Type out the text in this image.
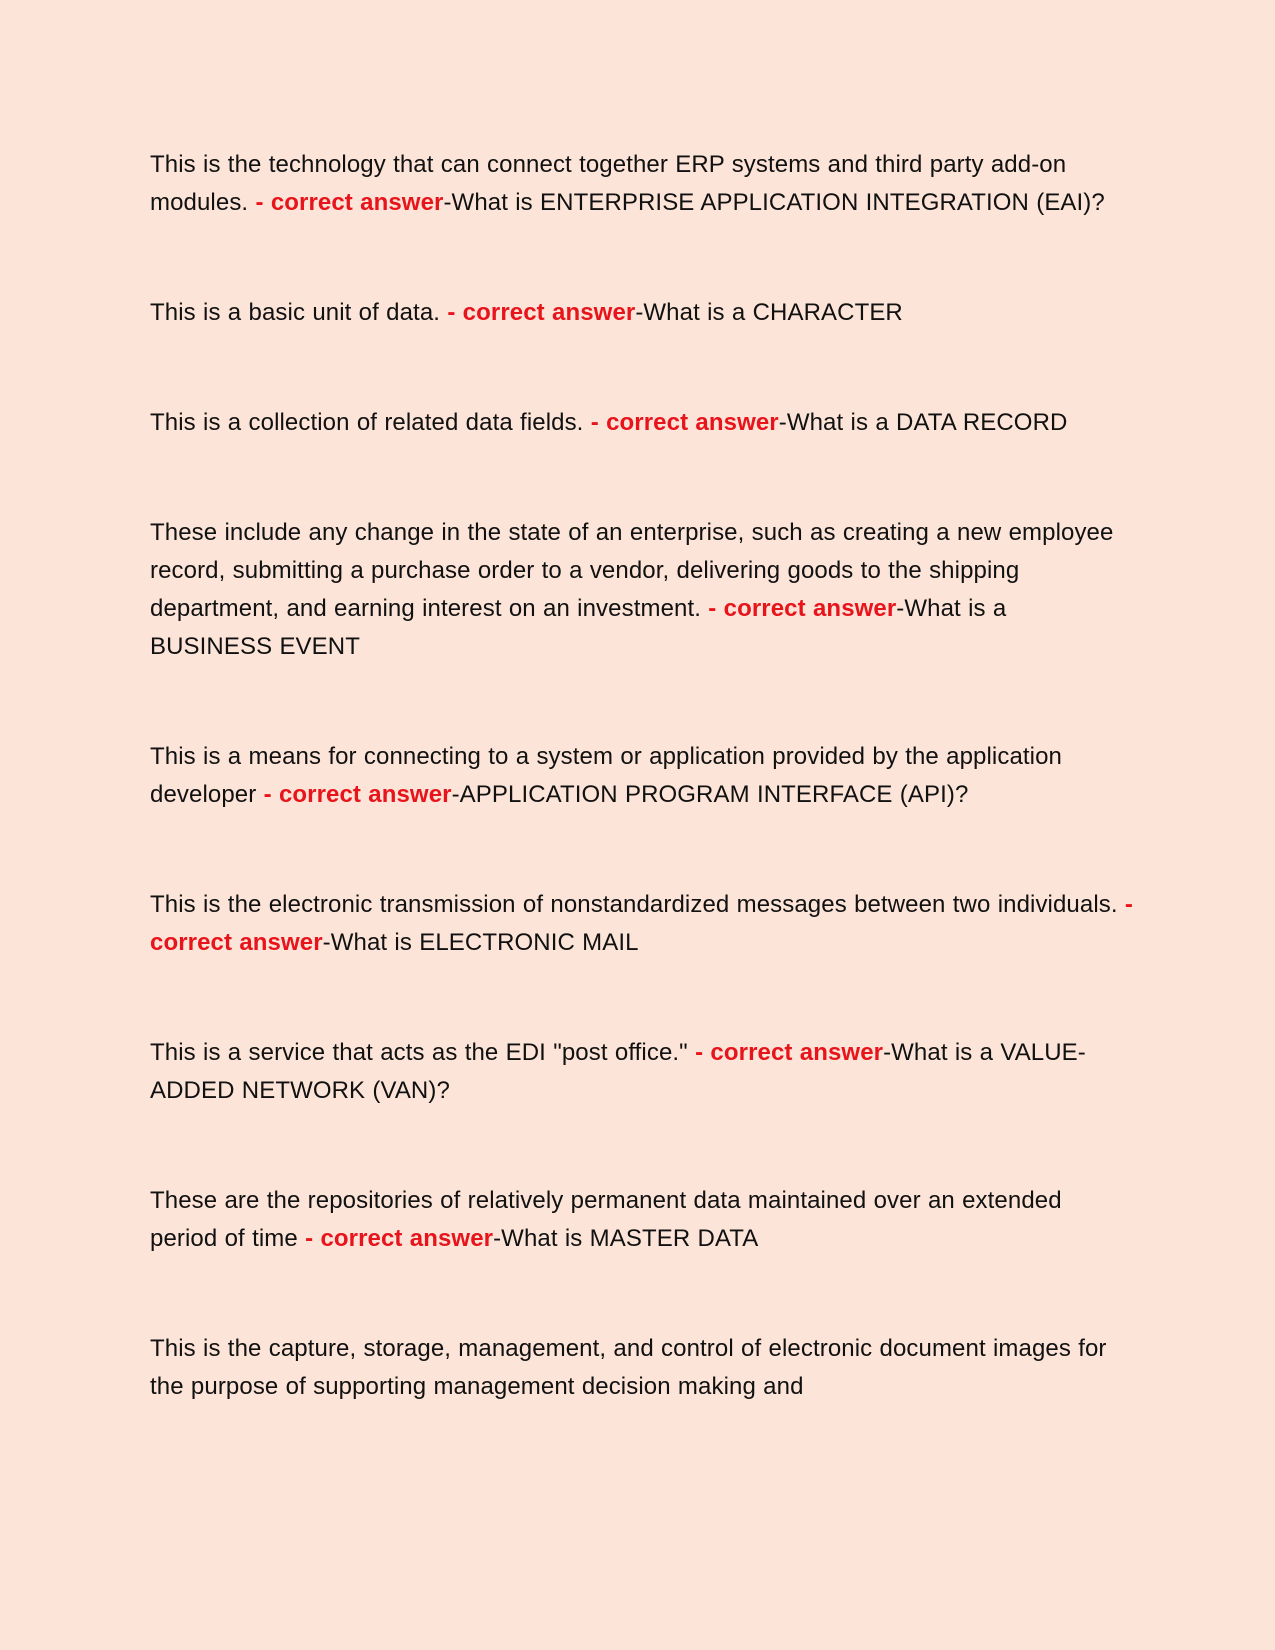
This is the technology that can connect together ERP systems and third party add-on modules. - correct answer-What is ENTERPRISE APPLICATION INTEGRATION (EAI)?

This is a basic unit of data. - correct answer-What is a CHARACTER

This is a collection of related data fields. - correct answer-What is a DATA RECORD

These include any change in the state of an enterprise, such as creating a new employee record, submitting a purchase order to a vendor, delivering goods to the shipping department, and earning interest on an investment. - correct answer-What is a BUSINESS EVENT

This is a means for connecting to a system or application provided by the application developer - correct answer-APPLICATION PROGRAM INTERFACE (API)?

This is the electronic transmission of nonstandardized messages between two individuals. - correct answer-What is ELECTRONIC MAIL

This is a service that acts as the EDI "post office." - correct answer-What is a VALUE-ADDED NETWORK (VAN)?

These are the repositories of relatively permanent data maintained over an extended period of time - correct answer-What is MASTER DATA

This is the capture, storage, management, and control of electronic document images for the purpose of supporting management decision making and
